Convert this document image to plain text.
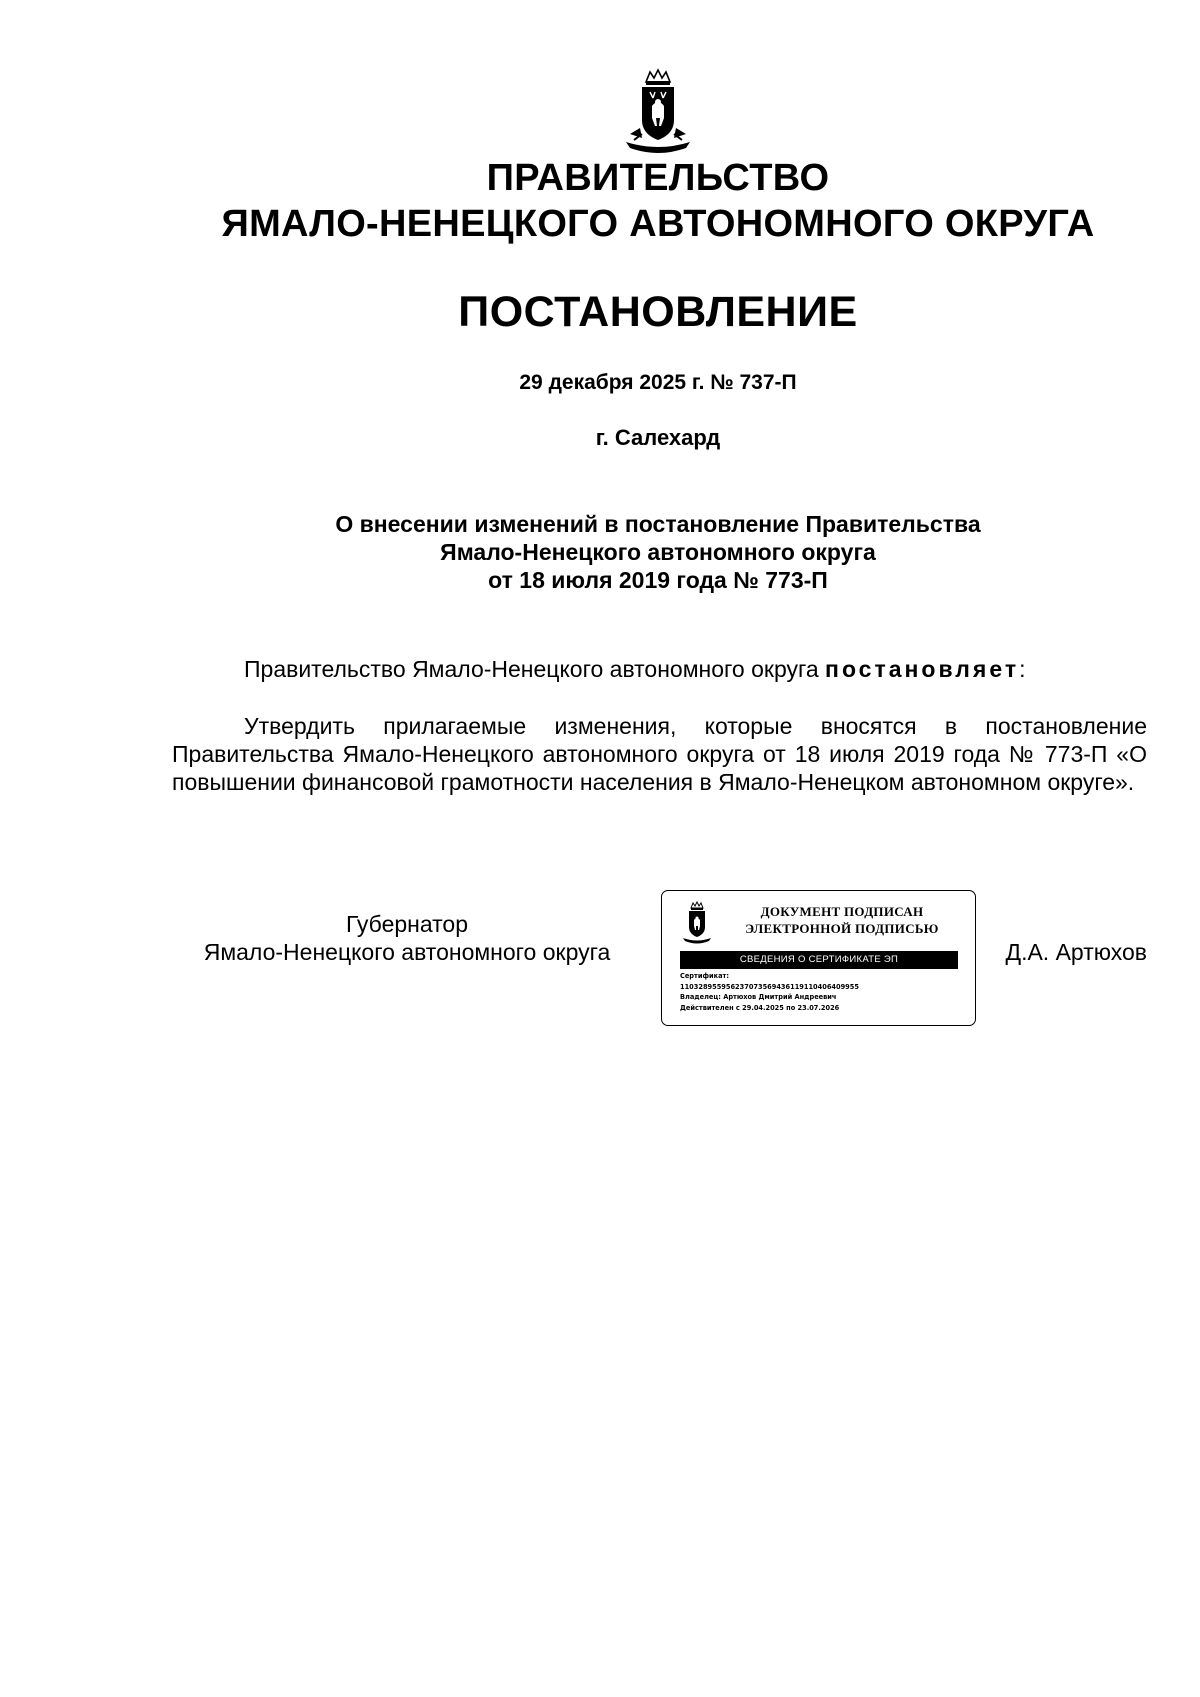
ПРАВИТЕЛЬСТВО
ЯМАЛО-НЕНЕЦКОГО АВТОНОМНОГО ОКРУГА
ПОСТАНОВЛЕНИЕ
29 декабря 2025 г. № 737-П
г. Салехард
О внесении изменений в постановление Правительства
Ямало-Ненецкого автономного округа
от 18 июля 2019 года № 773-П
Правительство Ямало-Ненецкого автономного округа постановляет:
Утвердить прилагаемые изменения, которые вносятся в постановление Правительства Ямало-Ненецкого автономного округа от 18 июля 2019 года № 773-П «О повышении финансовой грамотности населения в Ямало-Ненецком автономном округе».
Губернатор
Ямало-Ненецкого автономного округа
ДОКУМЕНТ ПОДПИСАН
ЭЛЕКТРОННОЙ ПОДПИСЬЮ
СВЕДЕНИЯ О СЕРТИФИКАТЕ ЭП
Сертификат:
110328955956237073569436119110406409955
Владелец: Артюхов Дмитрий Андреевич
Действителен с 29.04.2025 по 23.07.2026
Д.А. Артюхов
